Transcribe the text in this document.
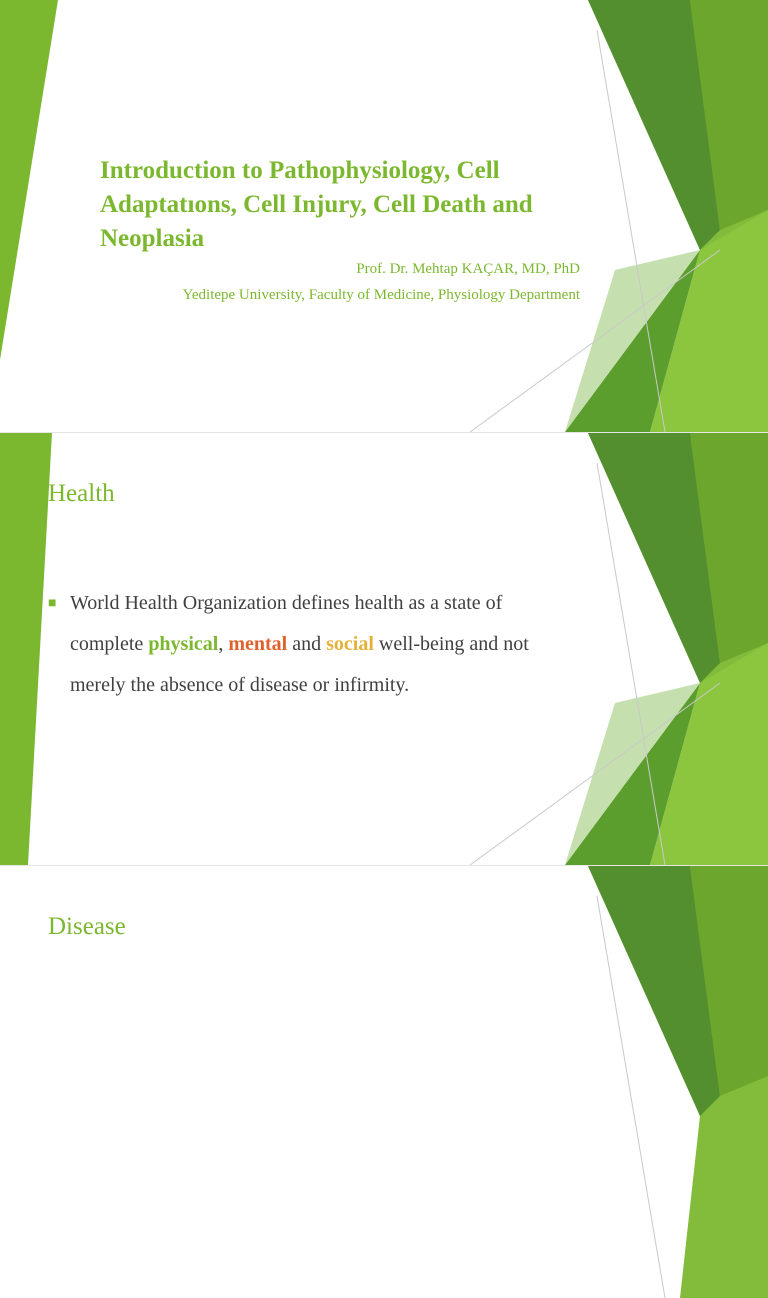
Introduction to Pathophysiology, Cell Adaptatıons, Cell Injury, Cell Death and Neoplasia

Prof. Dr. Mehtap KAÇAR, MD, PhD

Yeditepe University, Faculty of Medicine, Physiology Department

Health
■ World Health Organization defines health as a state of complete physical, mental and social well-being and not merely the absence of disease or infirmity.
Disease
